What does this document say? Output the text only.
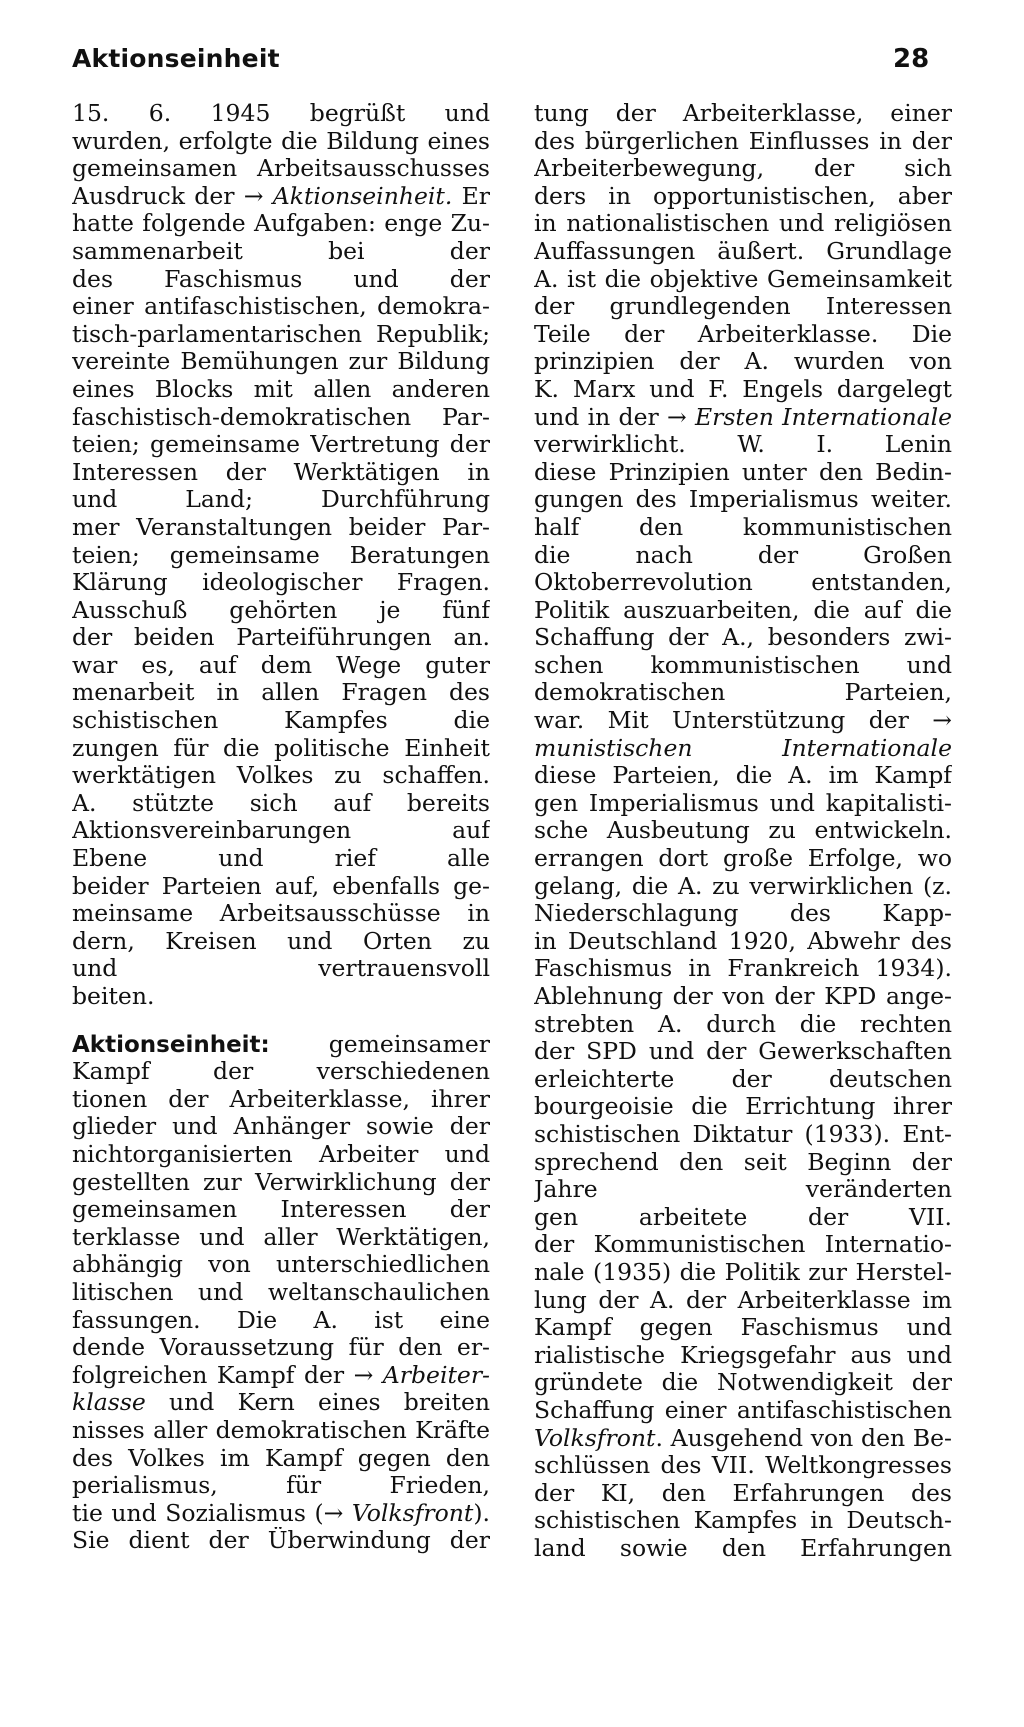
Aktionseinheit	28
15. 6. 1945 begrüßt und
wurden, erfolgte die Bildung eines
gemeinsamen Arbeitsausschusses
Ausdruck der → Aktionseinheit. Er
hatte folgende Aufgaben: enge Zu-
sammenarbeit bei der
des Faschismus und der
einer antifaschistischen, demokra-
tisch-parlamentarischen Republik;
vereinte Bemühungen zur Bildung
eines Blocks mit allen anderen
faschistisch-demokratischen Par-
teien; gemeinsame Vertretung der
Interessen der Werktätigen in
und Land; Durchführung
mer Veranstaltungen beider Par-
teien; gemeinsame Beratungen
Klärung ideologischer Fragen.
Ausschuß gehörten je fünf
der beiden Parteiführungen an.
war es, auf dem Wege guter
menarbeit in allen Fragen des
schistischen Kampfes die
zungen für die politische Einheit
werktätigen Volkes zu schaffen.
A. stützte sich auf bereits
Aktionsvereinbarungen auf
Ebene und rief alle
beider Parteien auf, ebenfalls ge-
meinsame Arbeitsausschüsse in
dern, Kreisen und Orten zu
und vertrauensvoll
beiten.
Aktionseinheit:	gemeinsamer
Kampf der verschiedenen
tionen der Arbeiterklasse, ihrer
glieder und Anhänger sowie der
nichtorganisierten Arbeiter und
gestellten zur Verwirklichung der
gemeinsamen Interessen der
terklasse und aller Werktätigen,
abhängig von unterschiedlichen
litischen und weltanschaulichen
fassungen. Die A. ist eine
dende Voraussetzung für den er-
folgreichen Kampf der → Arbeiter-
klasse und Kern eines breiten
nisses aller demokratischen Kräfte
des Volkes im Kampf gegen den
perialismus, für Frieden,
tie und Sozialismus (→ Volksfront).
Sie dient der Überwindung der
tung der Arbeiterklasse, einer
des bürgerlichen Einflusses in der
Arbeiterbewegung, der sich
ders in opportunistischen, aber
in nationalistischen und religiösen
Auffassungen äußert. Grundlage
A. ist die objektive Gemeinsamkeit
der grundlegenden Interessen
Teile der Arbeiterklasse. Die
prinzipien der A. wurden von
K. Marx und F. Engels dargelegt
und in der → Ersten Internationale
verwirklicht. W. I. Lenin
diese Prinzipien unter den Bedin-
gungen des Imperialismus weiter.
half den kommunistischen
die nach der Großen
Oktoberrevolution entstanden,
Politik auszuarbeiten, die auf die
Schaffung der A., besonders zwi-
schen kommunistischen und
demokratischen Parteien,
war. Mit Unterstützung der →
munistischen Internationale
diese Parteien, die A. im Kampf
gen Imperialismus und kapitalisti-
sche Ausbeutung zu entwickeln.
errangen dort große Erfolge, wo
gelang, die A. zu verwirklichen (z.
Niederschlagung des Kapp-
in Deutschland 1920, Abwehr des
Faschismus in Frankreich 1934).
Ablehnung der von der KPD ange-
strebten A. durch die rechten
der SPD und der Gewerkschaften
erleichterte der deutschen
bourgeoisie die Errichtung ihrer
schistischen Diktatur (1933). Ent-
sprechend den seit Beginn der
Jahre veränderten
gen arbeitete der VII.
der Kommunistischen Internatio-
nale (1935) die Politik zur Herstel-
lung der A. der Arbeiterklasse im
Kampf gegen Faschismus und
rialistische Kriegsgefahr aus und
gründete die Notwendigkeit der
Schaffung einer antifaschistischen
Volksfront. Ausgehend von den Be-
schlüssen des VII. Weltkongresses
der KI, den Erfahrungen des
schistischen Kampfes in Deutsch-
land sowie den Erfahrungen
